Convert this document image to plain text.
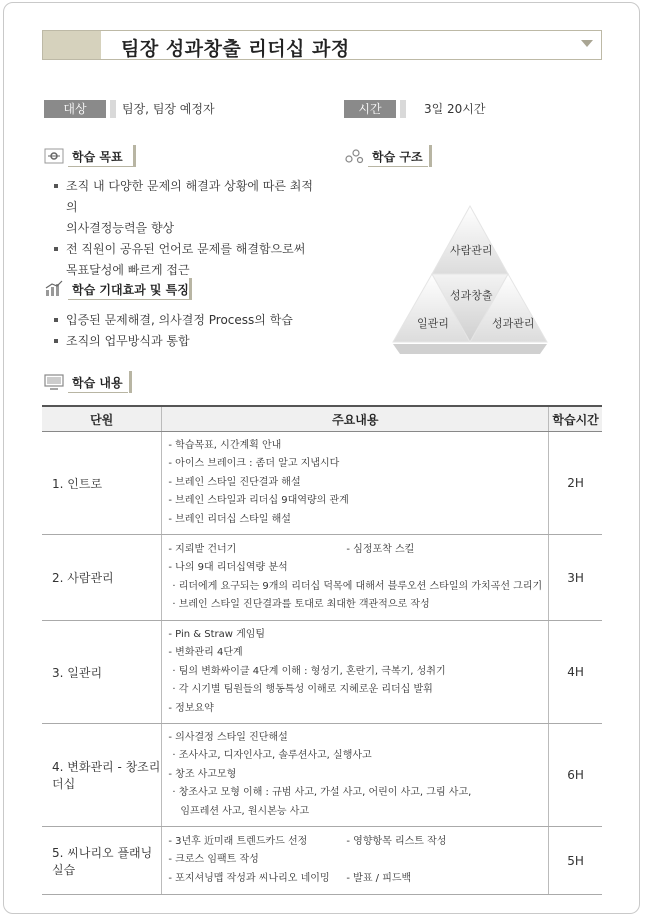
팀장 성과창출 리더십 과정
대상	팀장, 팀장 예정자	시간	3일 20시간
학습 목표
조직 내 다양한 문제의 해결과 상황에 따른 최적의
의사결정능력을 향상
전 직원이 공유된 언어로 문제를 해결함으로써
목표달성에 빠르게 접근
학습 기대효과 및 특징
입증된 문제해결, 의사결정 Process의 학습
조직의 업무방식과 통합
학습 구조
사람관리
성과창출
일관리	성과관리
학습 내용
단원	주요내용	학습시간
1. 인트로	- 학습목표, 시간계획 안내
- 아이스 브레이크 : 좀더 알고 지냅시다
- 브레인 스타일 진단결과 해설
- 브레인 스타일과 리더십 9대역량의 관계
- 브레인 리더십 스타일 해설	2H
2. 사람관리	- 지뢰밭 건너기 - 심정포착 스킬
- 나의 9대 리더십역량 분석
· 리더에게 요구되는 9개의 리더십 덕목에 대해서 블루오션 스타일의 가치곡선 그리기
· 브레인 스타일 진단결과를 토대로 최대한 객관적으로 작성	3H
3. 일관리	- Pin & Straw 게임팀
- 변화관리 4단계
· 팀의 변화싸이클 4단계 이해 : 형성기, 혼란기, 극복기, 성취기
· 각 시기별 팀원들의 행동특성 이해로 지혜로운 리더십 발휘
- 정보요약	4H
4. 변화관리 - 창조리더십	- 의사결정 스타일 진단해설
· 조사사고, 디자인사고, 솔루션사고, 실행사고
- 창조 사고모형
· 창조사고 모형 이해 : 규범 사고, 가설 사고, 어린이 사고, 그림 사고,
임프레션 사고, 원시본능 사고	6H
5. 씨나리오 플래닝 실습	- 3년후 近미래 트렌드카드 선정 - 영향항목 리스트 작성
- 크로스 임팩트 작성
- 포지셔닝맵 작성과 씨나리오 네이밍 - 발표 / 피드백	5H
